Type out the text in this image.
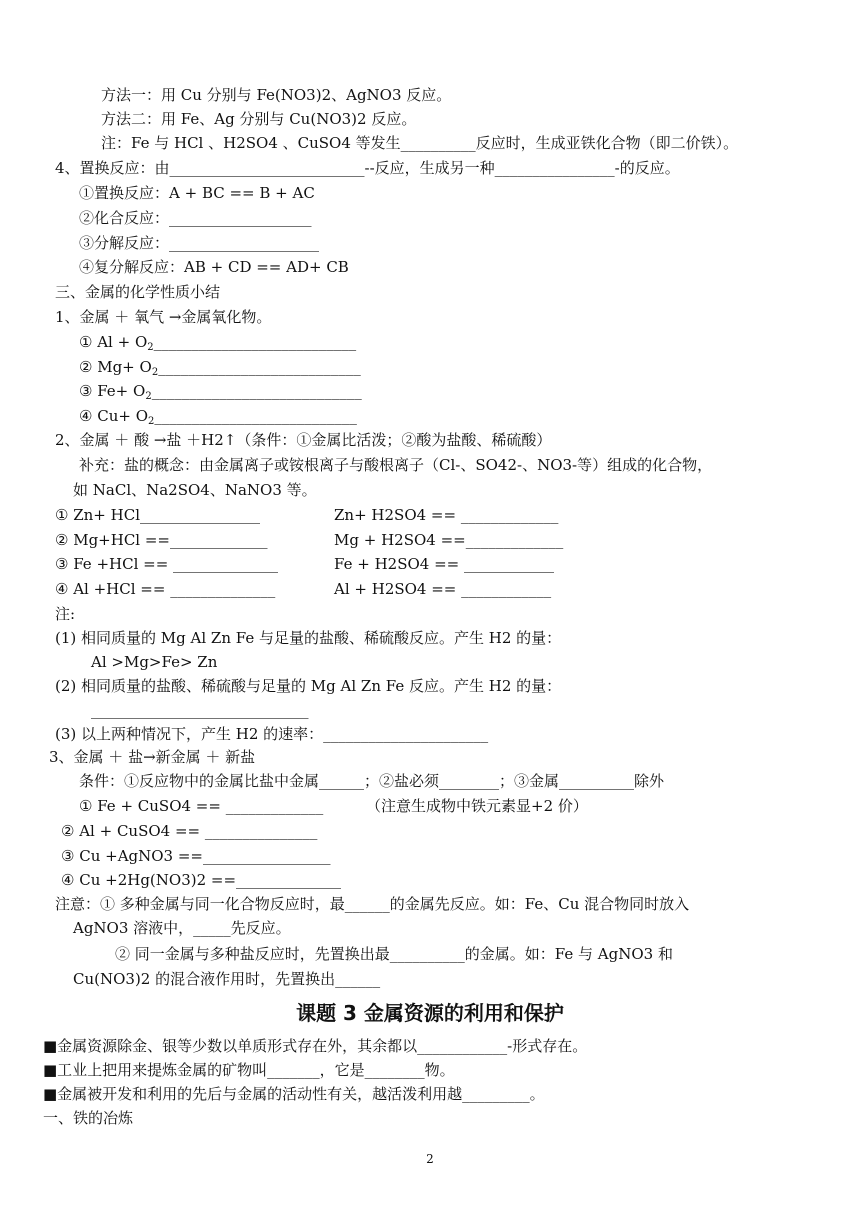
方法一：用 Cu 分别与 Fe(NO3)2、AgNO3 反应。
方法二：用 Fe、Ag 分别与 Cu(NO3)2 反应。
注：Fe 与 HCl 、H2SO4 、CuSO4 等发生__________反应时，生成亚铁化合物（即二价铁）。
4、置换反应：由__________________________--反应，生成另一种________________-的反应。
①置换反应：A + BC == B + AC
②化合反应：___________________
③分解反应：____________________
④复分解反应：AB + CD == AD+ CB
三、金属的化学性质小结
1、金属 ＋ 氧气 →金属氧化物。
① $Al + O_2\_\_\_\_\_\_\_\_\_\_\_\_\_\_\_\_\_\_\_\_\_\_\_\_\_\_\_$
② $Mg+ O_2\_\_\_\_\_\_\_\_\_\_\_\_\_\_\_\_\_\_\_\_\_\_\_\_\_\_\_$
③ $Fe+ O_2\_\_\_\_\_\_\_\_\_\_\_\_\_\_\_\_\_\_\_\_\_\_\_\_\_\_\_\_$
④ $Cu+ O_2\_\_\_\_\_\_\_\_\_\_\_\_\_\_\_\_\_\_\_\_\_\_\_\_\_\_\_$
2、金属 ＋ 酸 →盐 ＋H2↑（条件：①金属比活泼；②酸为盐酸、稀硫酸）
补充：盐的概念：由金属离子或铵根离子与酸根离子（Cl-、SO42-、NO3-等）组成的化合物，
如 NaCl、Na2SO4、NaNO3 等。
① Zn+ HCl________________	Zn+ H2SO4 == _____________
② Mg+HCl ==_____________	Mg + H2SO4 ==_____________
③ Fe +HCl == ______________	Fe + H2SO4 == ____________
④ Al +HCl == ______________	Al + H2SO4 == ____________
注:
(1) 相同质量的 Mg Al Zn Fe 与足量的盐酸、稀硫酸反应。产生 H2 的量：
Al >Mg>Fe> Zn
(2) 相同质量的盐酸、稀硫酸与足量的 Mg Al Zn Fe 反应。产生 H2 的量：
_____________________________
(3) 以上两种情况下，产生 H2 的速率：______________________
3、金属 ＋ 盐→新金属 ＋ 新盐
条件：①反应物中的金属比盐中金属______；②盐必须________；③金属__________除外
① Fe + CuSO4 == _____________	（注意生成物中铁元素显+2 价）
② Al + CuSO4 == _______________
③ Cu +AgNO3 ==_________________
④ Cu +2Hg(NO3)2 ==______________
注意：① 多种金属与同一化合物反应时，最______的金属先反应。如：Fe、Cu 混合物同时放入
AgNO3 溶液中，_____先反应。
② 同一金属与多种盐反应时，先置换出最__________的金属。如：Fe 与 AgNO3 和
Cu(NO3)2 的混合液作用时，先置换出______
课题 3 金属资源的利用和保护
■金属资源除金、银等少数以单质形式存在外，其余都以____________-形式存在。
■工业上把用来提炼金属的矿物叫_______，它是________物。
■金属被开发和利用的先后与金属的活动性有关，越活泼利用越_________。
一、铁的冶炼
2
